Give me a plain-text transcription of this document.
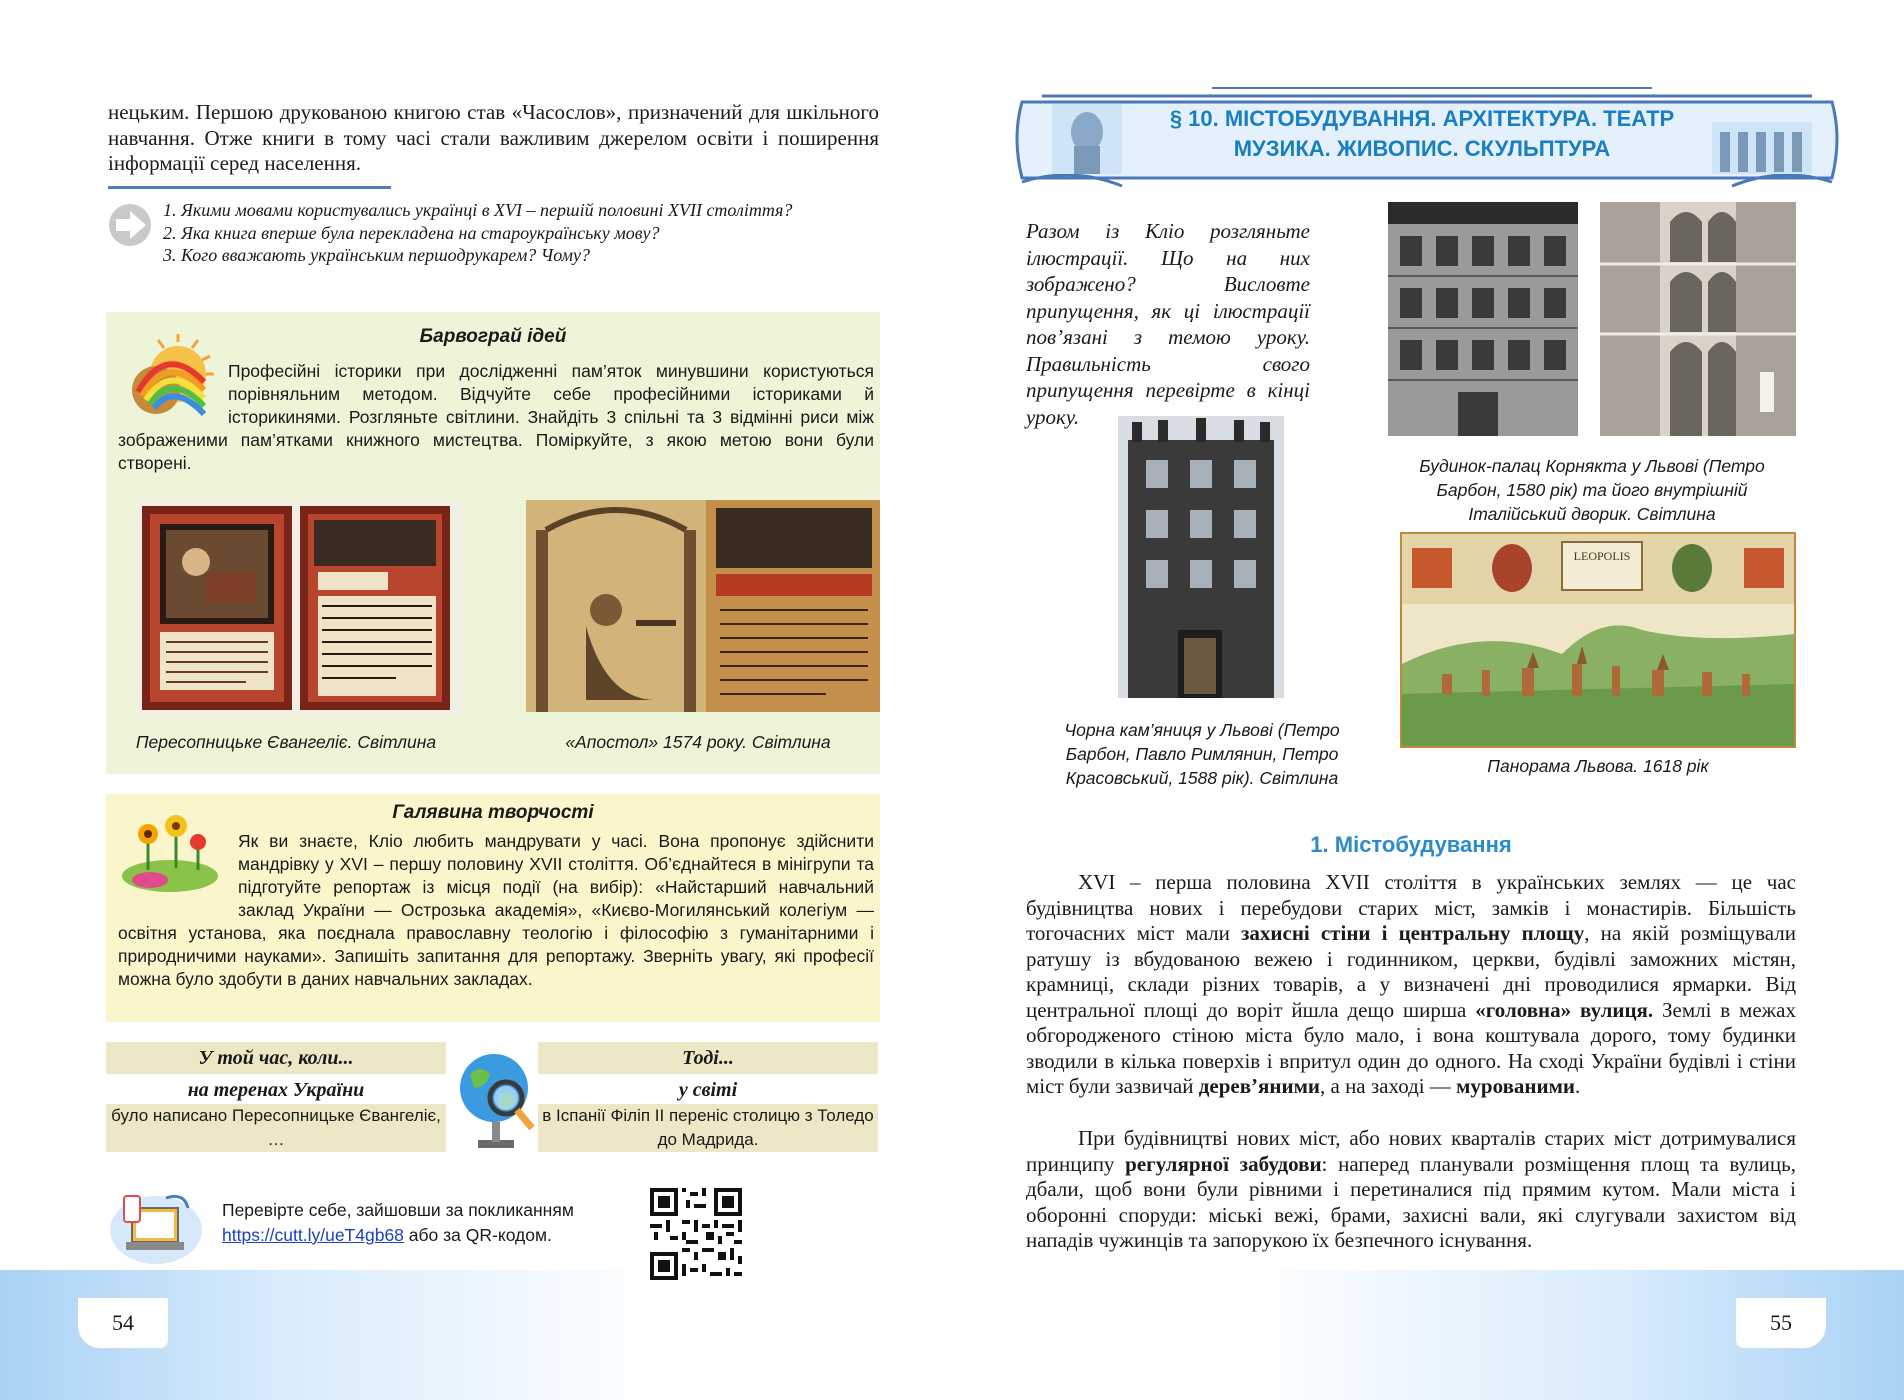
54
нецьким. Першою друкованою книгою став «Часослов», призначений для шкільного навчання. Отже книги в тому часі стали важливим джерелом освіти і поширення інформації серед населення.
1. Якими мовами користувались українці в XVI – першій половині XVII століття?
2. Яка книга вперше була перекладена на староукраїнську мову?
3. Кого вважають українським першодрукарем? Чому?
Барвограй ідей
Професійні історики при дослідженні пам’яток минувшини користуються порівняльним методом. Відчуйте себе професійними істориками й історикинями. Розгляньте світлини. Знайдіть 3 спільні та 3 відмінні риси між зображеними пам’ятками книжного мистецтва. Поміркуйте, з якою метою вони були створені.
Пересопницьке Євангеліє. Світлина	«Апостол» 1574 року. Світлина
Галявина творчості
Як ви знаєте, Кліо любить мандрувати у часі. Вона пропонує здійснити мандрівку у XVI – першу половину XVII століття. Об’єднайтеся в мінігрупи та підготуйте репортаж із місця події (на вибір): «Найстарший навчальний заклад України — Острозька академія», «Києво-Могилянський колегіум — освітня установа, яка поєднала православну теологію і філософію з гуманітарними і природничими науками». Запишіть запитання для репортажу. Зверніть увагу, які професії можна було здобути в даних навчальних закладах.
У той час, коли...
на теренах України
було написано Пересопницьке Євангеліє, …
Тоді...
у світі
в Іспанії Філіп ІІ переніс столицю з Толедо до Мадрида.
Перевірте себе, зайшовши за покликанням
https://cutt.ly/ueT4gb68 або за QR-кодом.
55
§ 10. МІСТОБУДУВАННЯ. АРХІТЕКТУРА. ТЕАТР
МУЗИКА. ЖИВОПИС. СКУЛЬПТУРА
Разом із Кліо розгляньте ілюстрації. Що на них зображено? Висловте припущення, як ці ілюстрації пов’язані з темою уроку. Правильність свого припущення перевірте в кінці уроку.
Будинок-палац Корнякта у Львові (Петро Барбон, 1580 рік) та його внутрішній Італійський дворик. Світлина
Чорна кам’яниця у Львові (Петро Барбон, Павло Римлянин, Петро Красовський, 1588 рік). Світлина
LEOPOLIS
Панорама Львова. 1618 рік
1. Містобудування
XVI – перша половина XVII століття в українських землях — це час будівництва нових і перебудови старих міст, замків і монастирів. Більшість тогочасних міст мали захисні стіни і центральну площу, на якій розміщували ратушу із вбудованою вежею і годинником, церкви, будівлі заможних містян, крамниці, склади різних товарів, а у визначені дні проводилися ярмарки. Від центральної площі до воріт йшла дещо ширша «головна» вулиця. Землі в межах обгородженого стіною міста було мало, і вона коштувала дорого, тому будинки зводили в кілька поверхів і впритул один до одного. На сході України будівлі і стіни міст були зазвичай дерев’яними, а на заході — мурованими.
При будівництві нових міст, або нових кварталів старих міст дотримувалися принципу регулярної забудови: наперед планували розміщення площ та вулиць, дбали, щоб вони були рівними і перетиналися під прямим кутом. Мали міста і оборонні споруди: міські вежі, брами, захисні вали, які слугували захистом від нападів чужинців та запорукою їх безпечного існування.
